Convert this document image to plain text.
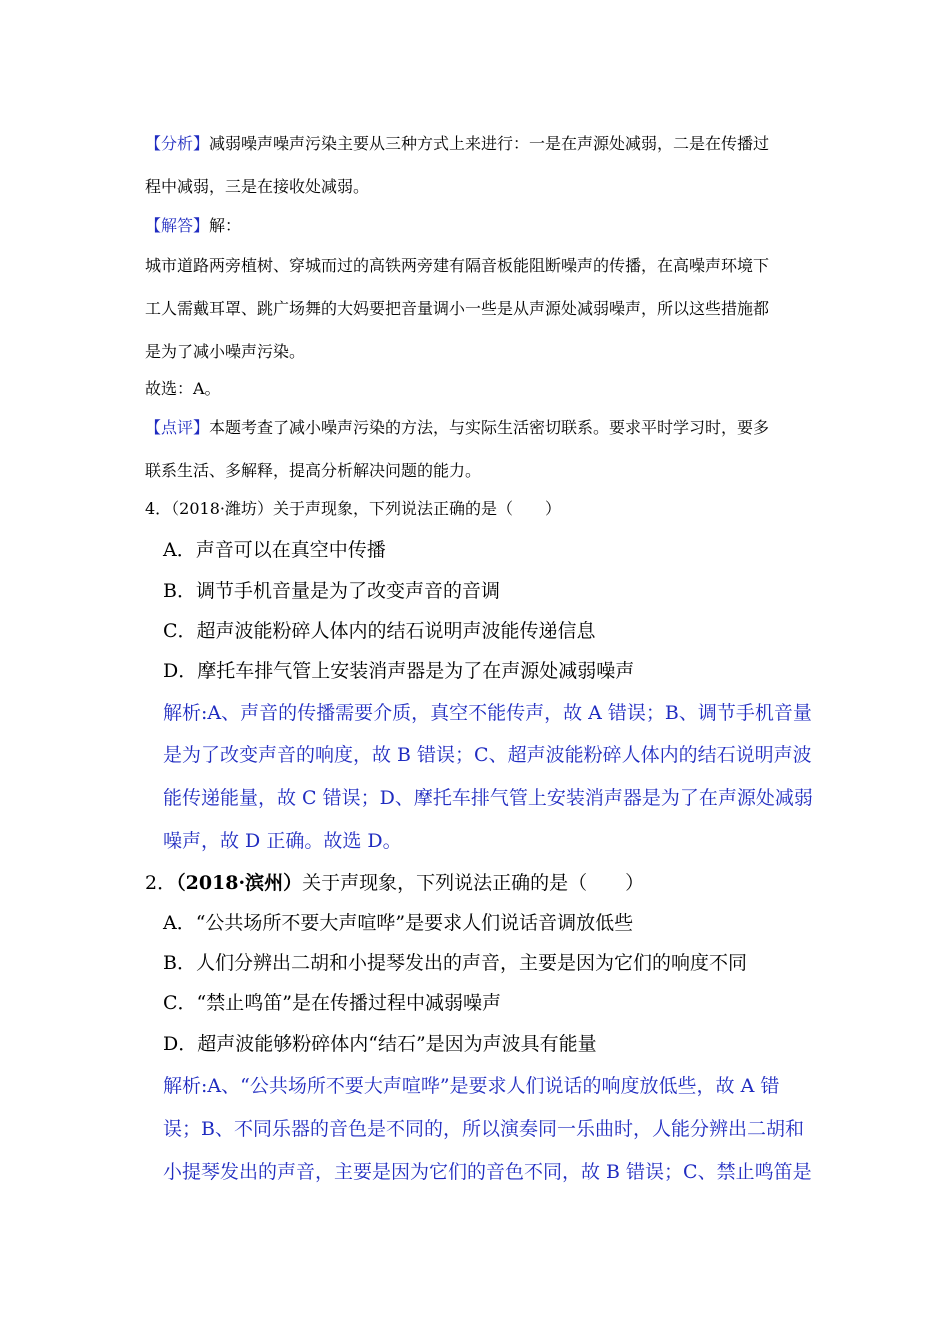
【分析】减弱噪声噪声污染主要从三种方式上来进行：一是在声源处减弱，二是在传播过
程中减弱，三是在接收处减弱。
【解答】解：
城市道路两旁植树、穿城而过的高铁两旁建有隔音板能阻断噪声的传播，在高噪声环境下
工人需戴耳罩、跳广场舞的大妈要把音量调小一些是从声源处减弱噪声，所以这些措施都
是为了减小噪声污染。
故选：A。
【点评】本题考查了减小噪声污染的方法，与实际生活密切联系。要求平时学习时，要多
联系生活、多解释，提高分析解决问题的能力。
4．（2018·潍坊）关于声现象，下列说法正确的是（　　）
A．声音可以在真空中传播
B．调节手机音量是为了改变声音的音调
C．超声波能粉碎人体内的结石说明声波能传递信息
D．摩托车排气管上安装消声器是为了在声源处减弱噪声
解析:A、声音的传播需要介质，真空不能传声，故 A 错误；B、调节手机音量
是为了改变声音的响度，故 B 错误；C、超声波能粉碎人体内的结石说明声波
能传递能量，故 C 错误；D、摩托车排气管上安装消声器是为了在声源处减弱
噪声，故 D 正确。故选 D。
2．（2018·滨州）关于声现象，下列说法正确的是（　　）
A．“公共场所不要大声喧哗”是要求人们说话音调放低些
B．人们分辨出二胡和小提琴发出的声音，主要是因为它们的响度不同
C．“禁止鸣笛”是在传播过程中减弱噪声
D．超声波能够粉碎体内“结石”是因为声波具有能量
解析:A、“公共场所不要大声喧哗”是要求人们说话的响度放低些，故 A 错
误；B、不同乐器的音色是不同的，所以演奏同一乐曲时，人能分辨出二胡和
小提琴发出的声音，主要是因为它们的音色不同，故 B 错误；C、禁止鸣笛是
